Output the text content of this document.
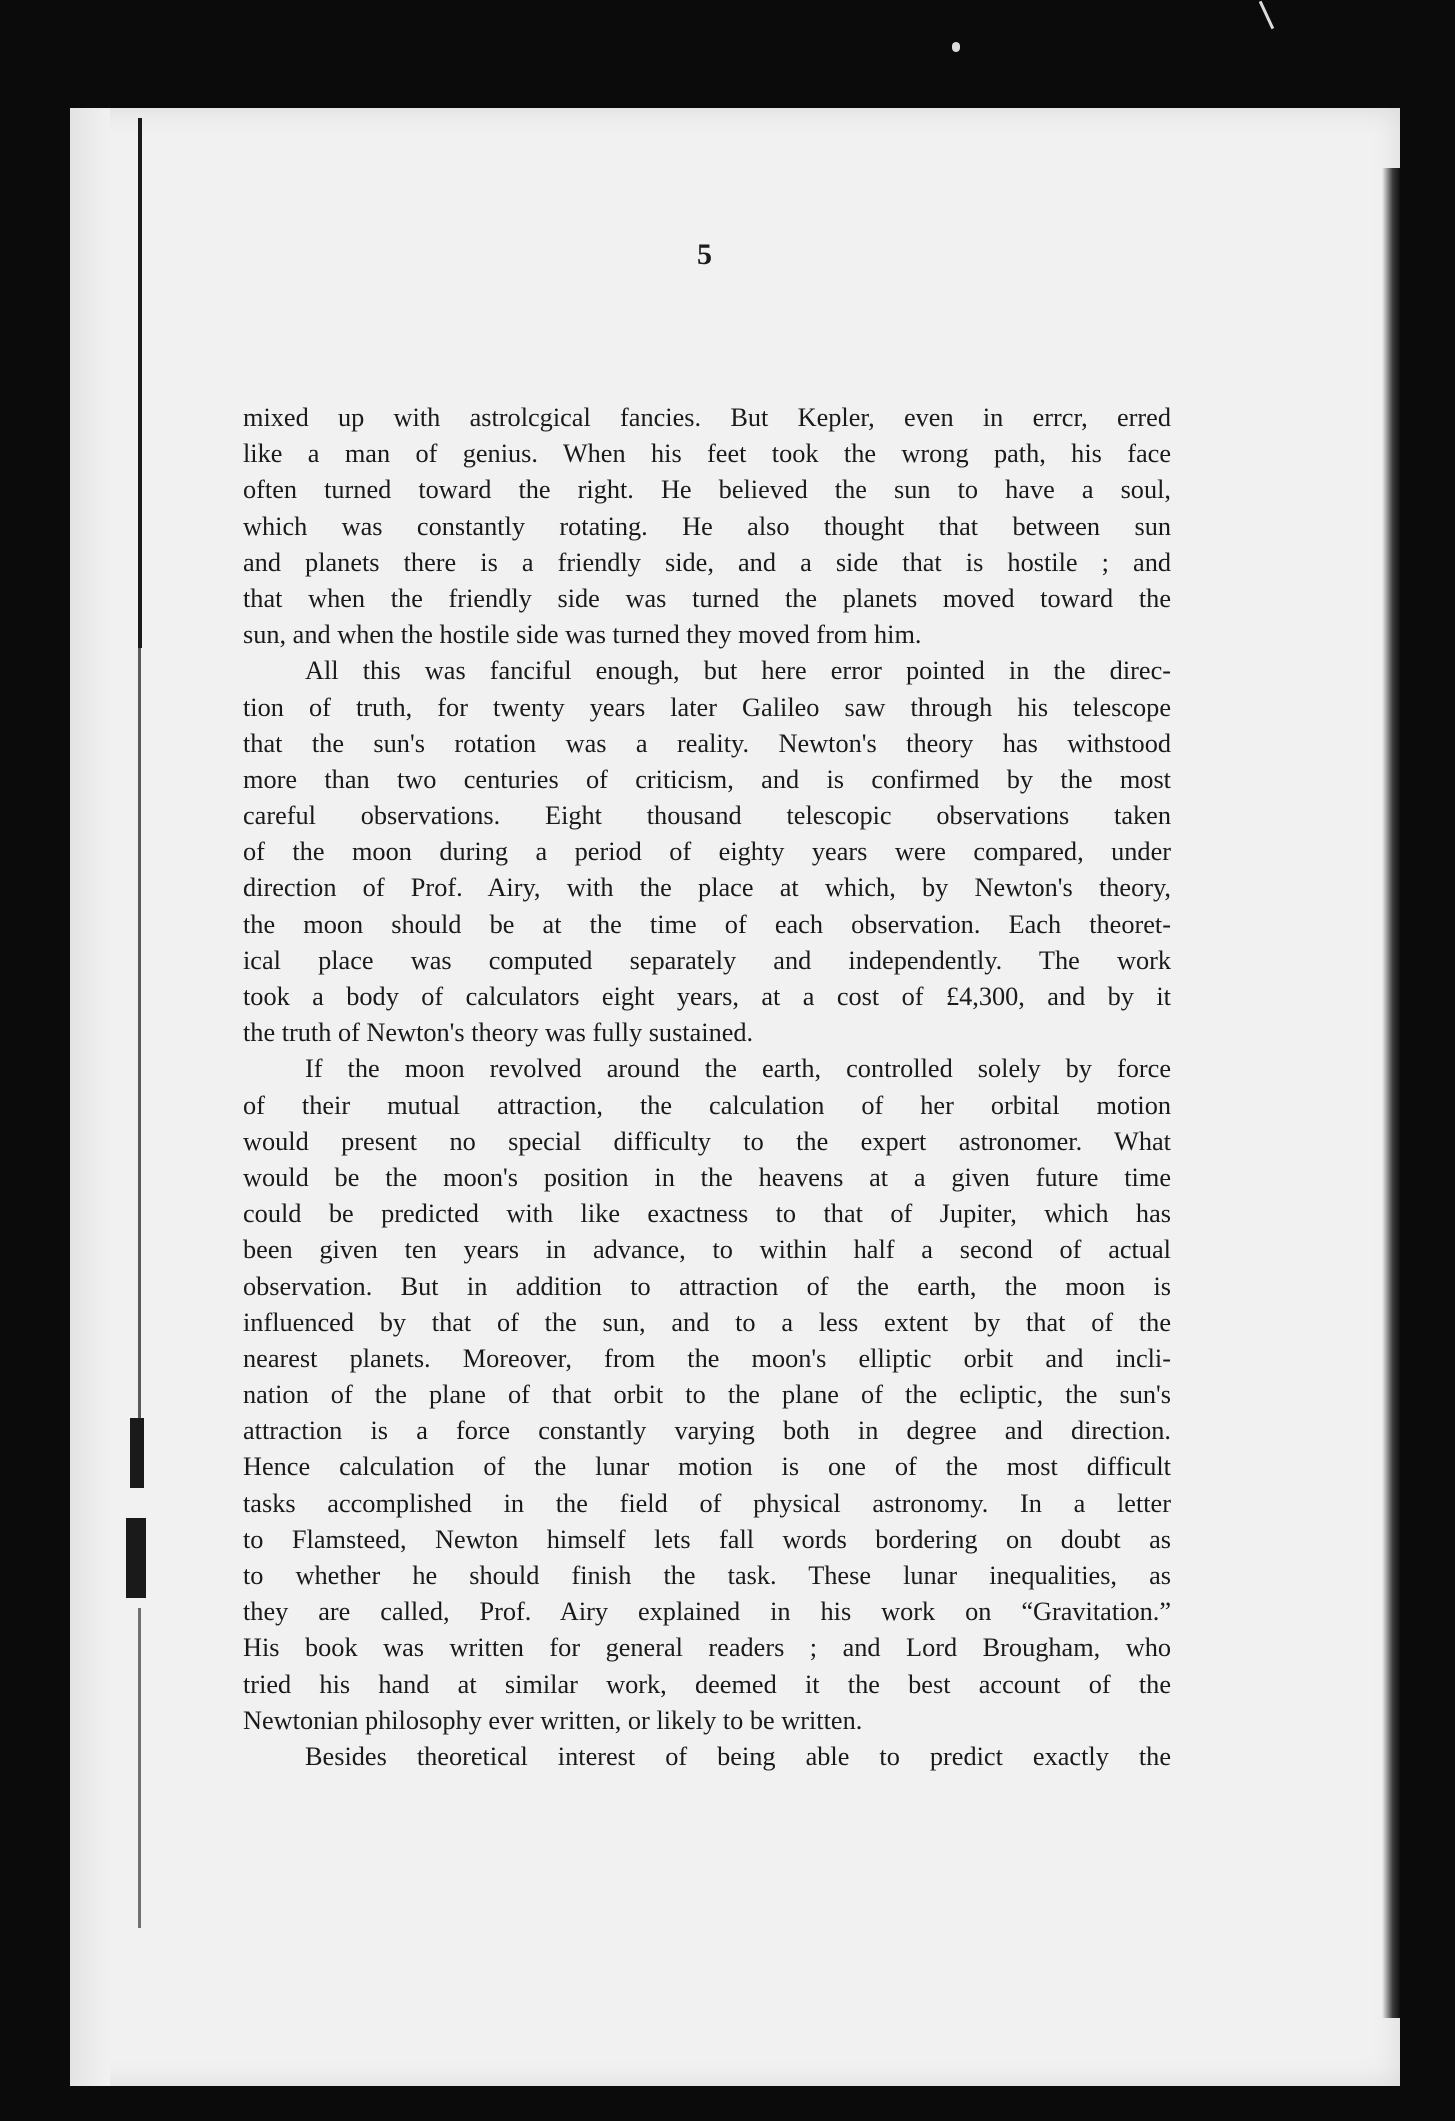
5
mixed up with astrolcgical fancies. But Kepler, even in errcr, erred
like a man of genius. When his feet took the wrong path, his face
often turned toward the right. He believed the sun to have a soul,
which was constantly rotating. He also thought that between sun
and planets there is a friendly side, and a side that is hostile ; and
that when the friendly side was turned the planets moved toward the
sun, and when the hostile side was turned they moved from him.
All this was fanciful enough, but here error pointed in the direc-
tion of truth, for twenty years later Galileo saw through his telescope
that the sun's rotation was a reality. Newton's theory has withstood
more than two centuries of criticism, and is confirmed by the most
careful observations. Eight thousand telescopic observations taken
of the moon during a period of eighty years were compared, under
direction of Prof. Airy, with the place at which, by Newton's theory,
the moon should be at the time of each observation. Each theoret-
ical place was computed separately and independently. The work
took a body of calculators eight years, at a cost of £4,300, and by it
the truth of Newton's theory was fully sustained.
If the moon revolved around the earth, controlled solely by force
of their mutual attraction, the calculation of her orbital motion
would present no special difficulty to the expert astronomer. What
would be the moon's position in the heavens at a given future time
could be predicted with like exactness to that of Jupiter, which has
been given ten years in advance, to within half a second of actual
observation. But in addition to attraction of the earth, the moon is
influenced by that of the sun, and to a less extent by that of the
nearest planets. Moreover, from the moon's elliptic orbit and incli-
nation of the plane of that orbit to the plane of the ecliptic, the sun's
attraction is a force constantly varying both in degree and direction.
Hence calculation of the lunar motion is one of the most difficult
tasks accomplished in the field of physical astronomy. In a letter
to Flamsteed, Newton himself lets fall words bordering on doubt as
to whether he should finish the task. These lunar inequalities, as
they are called, Prof. Airy explained in his work on “Gravitation.”
His book was written for general readers ; and Lord Brougham, who
tried his hand at similar work, deemed it the best account of the
Newtonian philosophy ever written, or likely to be written.
Besides theoretical interest of being able to predict exactly the
